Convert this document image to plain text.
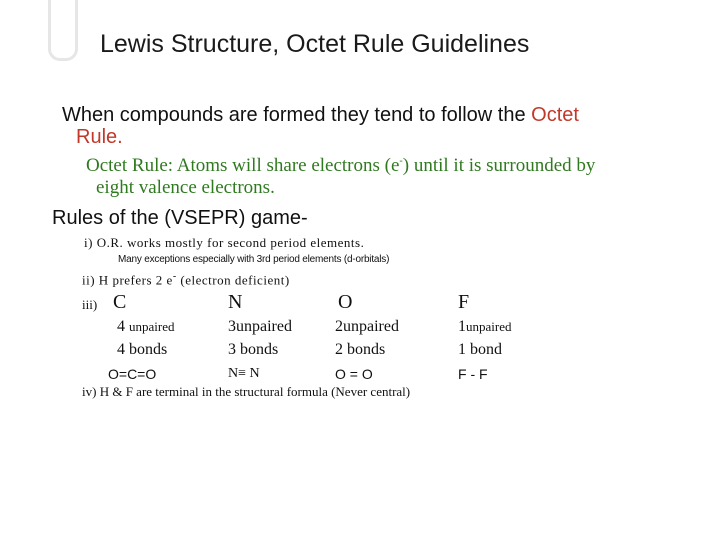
Lewis Structure, Octet Rule Guidelines
When compounds are formed they tend to follow the Octet
Rule.
Octet Rule: Atoms will share electrons (e-) until it is surrounded by
eight valence electrons.
Rules of the (VSEPR) game-
i) O.R. works mostly for second period elements.
Many exceptions especially with 3rd period elements (d-orbitals)
ii) H prefers 2 e- (electron deficient)
iii) C	N	O	F
4 unpaired	3unpaired	2unpaired	1unpaired
4 bonds	3 bonds	2 bonds	1 bond
O=C=O	N≡ N	O = O	F - F
iv) H & F are terminal in the structural formula (Never central)
